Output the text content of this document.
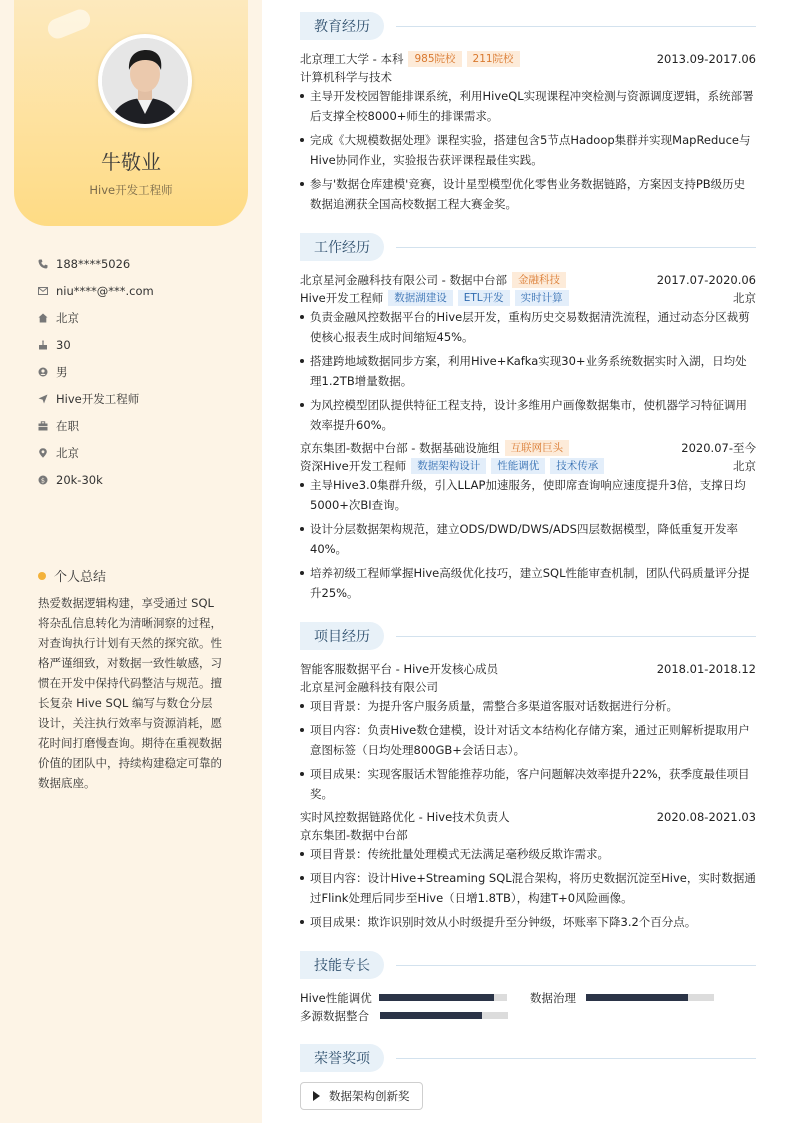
牛敬业
Hive开发工程师
188****5026
niu****@***.com
北京
30
男
Hive开发工程师
在职
北京
$ 20k-30k
个人总结
热爱数据逻辑构建，享受通过 SQL 将杂乱信息转化为清晰洞察的过程，对查询执行计划有天然的探究欲。性格严谨细致，对数据一致性敏感，习惯在开发中保持代码整洁与规范。擅长复杂 Hive SQL 编写与数仓分层设计，关注执行效率与资源消耗，愿花时间打磨慢查询。期待在重视数据价值的团队中，持续构建稳定可靠的数据底座。
教育经历
北京理工大学 - 本科	985院校	211院校	2013.09-2017.06
计算机科学与技术
主导开发校园智能排课系统，利用HiveQL实现课程冲突检测与资源调度逻辑，系统部署后支撑全校8000+师生的排课需求。
完成《大规模数据处理》课程实验，搭建包含5节点Hadoop集群并实现MapReduce与Hive协同作业，实验报告获评课程最佳实践。
参与'数据仓库建模'竞赛，设计星型模型优化零售业务数据链路，方案因支持PB级历史数据追溯获全国高校数据工程大赛金奖。
工作经历
北京星河金融科技有限公司 - 数据中台部	金融科技	2017.07-2020.06
Hive开发工程师	数据湖建设	ETL开发	实时计算	北京
负责金融风控数据平台的Hive层开发，重构历史交易数据清洗流程，通过动态分区裁剪使核心报表生成时间缩短45%。
搭建跨地域数据同步方案，利用Hive+Kafka实现30+业务系统数据实时入湖，日均处理1.2TB增量数据。
为风控模型团队提供特征工程支持，设计多维用户画像数据集市，使机器学习特征调用效率提升60%。
京东集团-数据中台部 - 数据基础设施组	互联网巨头	2020.07-至今
资深Hive开发工程师	数据架构设计	性能调优	技术传承	北京
主导Hive3.0集群升级，引入LLAP加速服务，使即席查询响应速度提升3倍，支撑日均5000+次BI查询。
设计分层数据架构规范，建立ODS/DWD/DWS/ADS四层数据模型，降低重复开发率40%。
培养初级工程师掌握Hive高级优化技巧，建立SQL性能审查机制，团队代码质量评分提升25%。
项目经历
智能客服数据平台 - Hive开发核心成员	2018.01-2018.12
北京星河金融科技有限公司
项目背景：为提升客户服务质量，需整合多渠道客服对话数据进行分析。
项目内容：负责Hive数仓建模，设计对话文本结构化存储方案，通过正则解析提取用户意图标签（日均处理800GB+会话日志）。
项目成果：实现客服话术智能推荐功能，客户问题解决效率提升22%，获季度最佳项目奖。
实时风控数据链路优化 - Hive技术负责人	2020.08-2021.03
京东集团-数据中台部
项目背景：传统批量处理模式无法满足毫秒级反欺诈需求。
项目内容：设计Hive+Streaming SQL混合架构，将历史数据沉淀至Hive，实时数据通过Flink处理后同步至Hive（日增1.8TB），构建T+0风险画像。
项目成果：欺诈识别时效从小时级提升至分钟级，坏账率下降3.2个百分点。
技能专长
Hive性能调优	数据治理
多源数据整合
荣誉奖项
数据架构创新奖
